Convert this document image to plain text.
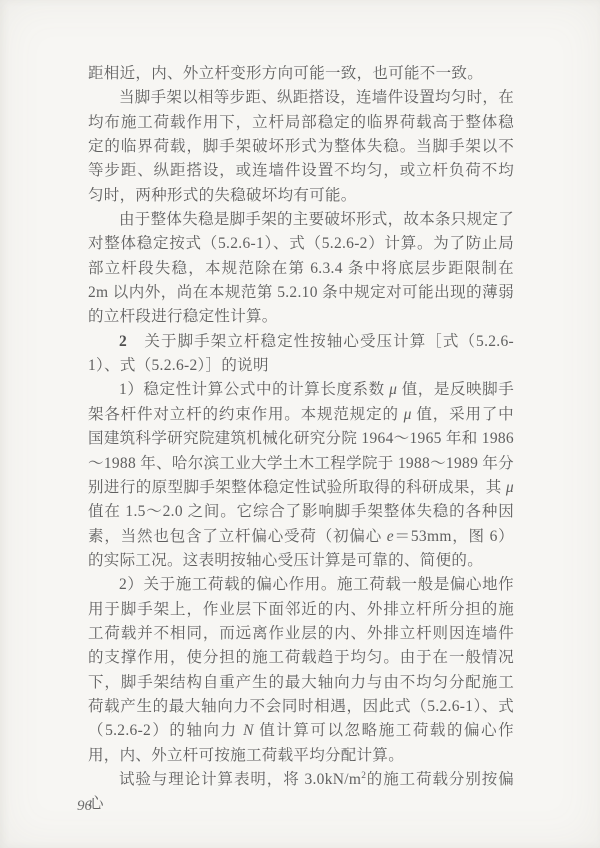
距相近，内、外立杆变形方向可能一致，也可能不一致。

当脚手架以相等步距、纵距搭设，连墙件设置均匀时，在均布施工荷载作用下，立杆局部稳定的临界荷载高于整体稳定的临界荷载，脚手架破坏形式为整体失稳。当脚手架以不等步距、纵距搭设，或连墙件设置不均匀，或立杆负荷不均匀时，两种形式的失稳破坏均有可能。

由于整体失稳是脚手架的主要破坏形式，故本条只规定了对整体稳定按式（5.2.6-1）、式（5.2.6-2）计算。为了防止局部立杆段失稳，本规范除在第 6.3.4 条中将底层步距限制在 2m 以内外，尚在本规范第 5.2.10 条中规定对可能出现的薄弱的立杆段进行稳定性计算。

2　关于脚手架立杆稳定性按轴心受压计算［式（5.2.6-1）、式（5.2.6-2）］的说明

1）稳定性计算公式中的计算长度系数 μ 值，是反映脚手架各杆件对立杆的约束作用。本规范规定的 μ 值，采用了中国建筑科学研究院建筑机械化研究分院 1964～1965 年和 1986～1988 年、哈尔滨工业大学土木工程学院于 1988～1989 年分别进行的原型脚手架整体稳定性试验所取得的科研成果，其 μ 值在 1.5～2.0 之间。它综合了影响脚手架整体失稳的各种因素，当然也包含了立杆偏心受荷（初偏心 e＝53mm，图 6）的实际工况。这表明按轴心受压计算是可靠的、简便的。

2）关于施工荷载的偏心作用。施工荷载一般是偏心地作用于脚手架上，作业层下面邻近的内、外排立杆所分担的施工荷载并不相同，而远离作业层的内、外排立杆则因连墙件的支撑作用，使分担的施工荷载趋于均匀。由于在一般情况下，脚手架结构自重产生的最大轴向力与由不均匀分配施工荷载产生的最大轴向力不会同时相遇，因此式（5.2.6-1）、式（5.2.6-2）的轴向力 N 值计算可以忽略施工荷载的偏心作用，内、外立杆可按施工荷载平均分配计算。

试验与理论计算表明，将 $3.0kN/m^2$的施工荷载分别按偏心

96
